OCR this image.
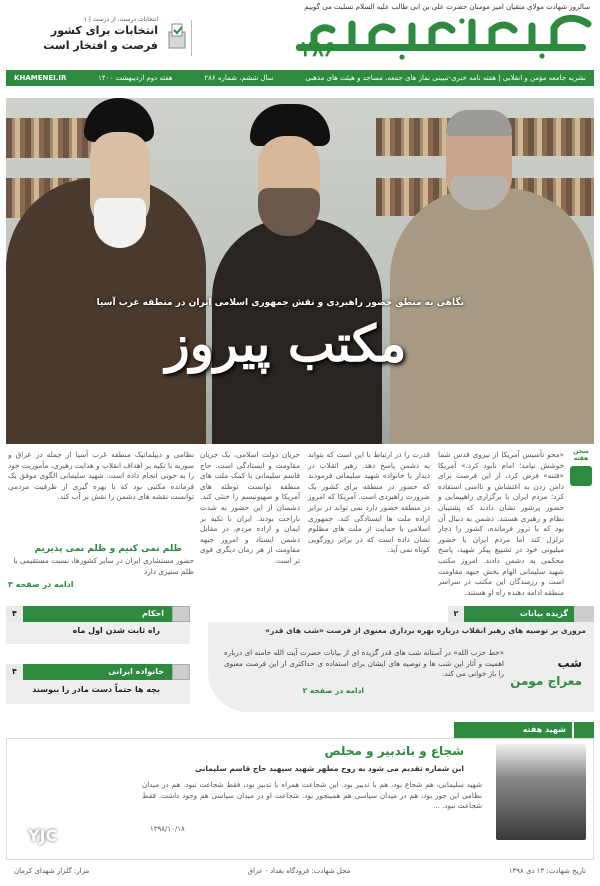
سالروز شهادت مولای متقیان امیر مومنان حضرت علی بن ابی طالب علیه السلام تسلیت می گوییم
۲۸۶
انتخابات درست، از درست | ۱
انتخابات برای کشور
فرصت و افتخار است
نشریه جامعه مؤمن و انقلابی | هفته نامه خبری-تبیینی نماز های جمعه، مساجد و هیئت های مذهبی
سال ششم، شماره ۲۸۶
هفته دوم اردیبهشت ۱۴۰۰
KHAMENEI.IR
نگاهی به منطق حضور راهبردی و نقش جمهوری اسلامی ایران در منطقه غرب آسیا
مکتب پیروز
سخن هفته
«محو تأسیس آمریکا از نیروی قدس شما خوشش نیامد؛ امام نابود کرد.» آمریکا «فتنه» فرض کرد، از این فرصت برای دامن زدن به اغتشاش و ناامنی استفاده کرد؛ مردم ایران با برگزاری راهپیمایی و حضور پرشور نشان دادند که پشتیبان نظام و رهبری هستند. دشمن به دنبال آن بود که با ترور فرمانده، کشور را دچار تزلزل کند اما مردم ایران با حضور میلیونی خود در تشییع پیکر شهید، پاسخ محکمی به دشمن دادند. امروز مکتب شهید سلیمانی الهام بخش جبهه مقاومت است و رزمندگان این مکتب در سراسر منطقه ادامه دهنده راه او هستند.
قدرت را در ارتباط با این است که بتواند به دشمن پاسخ دهد. رهبر انقلاب در دیدار با خانواده شهید سلیمانی فرمودند که حضور در منطقه برای کشور یک ضرورت راهبردی است. آمریکا که امروز در منطقه حضور دارد نمی تواند در برابر اراده ملت ها ایستادگی کند. جمهوری اسلامی با حمایت از ملت های مظلوم نشان داده است که در برابر زورگویی کوتاه نمی آید.
جریان دولت اسلامی، یک جریان مقاومت و ایستادگی است. حاج قاسم سلیمانی با کمک ملت های منطقه توانست توطئه های آمریکا و صهیونیسم را خنثی کند. دشمنان از این حضور به شدت ناراحت بودند. ایران با تکیه بر ایمان و اراده مردم، در مقابل دشمن ایستاد و امروز جبهه مقاومت از هر زمان دیگری قوی تر است.
نظامی و دیپلماتیک منطقه غرب آسیا از جمله در عراق و سوریه با تکیه بر اهداف انقلاب و هدایت رهبری، مأموریت خود را به خوبی انجام داده است. شهید سلیمانی الگوی موفق یک فرمانده مکتبی بود که با بهره گیری از ظرفیت مردمی توانست نقشه های دشمن را نقش بر آب کند.
ظلم نمی کنیم و ظلم نمی پذیریم
حضور مستشاری ایران در سایر کشورها، نسبت مستقیمی با ظلم ستیزی دارد
ادامه در صفحه ۳
احکام
۴
راه ثابت شدن اول ماه
خانواده ایرانی
۴
بچه ها حتماً دست مادر را ببوسند
گزیده بیانات
۲
مروری بر توصیه های رهبر انقلاب درباره بهره برداری معنوی از فرصت «شب های قدر»
شب
معراج مومن
«خط حزب الله» در آستانه شب های قدر گزیده ای از بیانات حضرت آیت الله خامنه ای درباره اهمیت و آثار این شب ها و توصیه های ایشان برای استفاده ی حداکثری از این فرصت معنوی را باز خوانی می کند.
ادامه در صفحه ۲
شهید هفته
شجاع و باتدبیر و مخلص
این شماره تقدیم می شود به روح مطهر شهید سپهبد حاج قاسم سلیمانی
شهید سلیمانی، هم شجاع بود، هم با تدبیر بود. این شجاعت همراه با تدبیر بود، فقط شجاعت نبود. هم در میدان نظامی این جور بود، هم در میدان سیاسی هم همینجور بود. شجاعت او در میدان سیاسی هم وجود داشت. فقط شجاعت نبود. ...
۱۳۹۸/۱۰/۱۸
تاریخ شهادت: ۱۳ دی ۱۳۹۸
محل شهادت: فرودگاه بغداد - عراق
مزار: گلزار شهدای کرمان
YJC
